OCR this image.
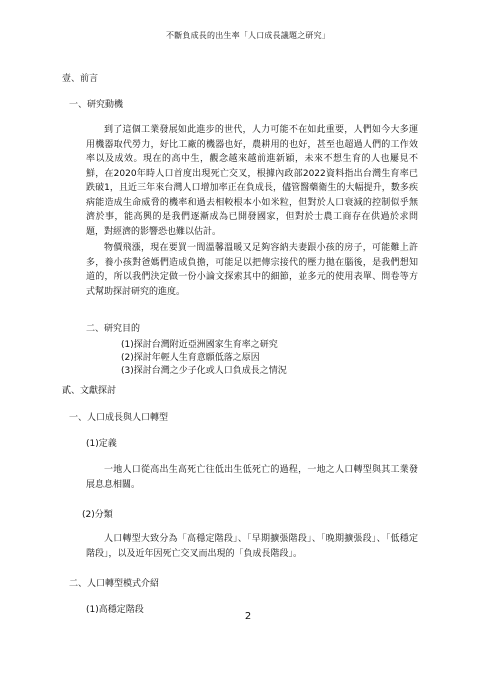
不斷負成長的出生率「人口成長議題之研究」
壹、前言
一、研究動機

到了這個工業發展如此進步的世代，人力可能不在如此重要，人們如今大多運用機器取代勞力，好比工廠的機器也好，農耕用的也好，甚至也超過人們的工作效率以及成效。現在的高中生，觀念越來越前進新穎，未來不想生育的人也屢見不鮮，在2020年時人口首度出現死亡交叉，根據內政部2022資料指出台灣生育率已跌破1，且近三年來台灣人口增加率正在負成長，儘管醫藥衛生的大幅提升，數多疾病能造成生命威脅的機率和過去相較根本小如米粒，但對於人口衰減的控制似乎無濟於事，能高興的是我們逐漸成為已開發國家，但對於士農工商存在供過於求問題，對經濟的影響恐也難以估計。

物價飛漲，現在要買一間溫馨溫暖又足夠容納夫妻跟小孩的房子，可能難上許多，養小孩對爸媽們造成負擔，可能足以把傳宗接代的壓力拋在腦後，是我們想知道的，所以我們決定做一份小論文探索其中的細節，並多元的使用表單、問卷等方式幫助探討研究的進度。

二、研究目的
(1)探討台灣附近亞洲國家生育率之研究
(2)探討年輕人生育意願低落之原因
(3)探討台灣之少子化或人口負成長之情況
貳、文獻探討
一、人口成長與人口轉型
(1)定義

一地人口從高出生高死亡往低出生低死亡的過程，一地之人口轉型與其工業發展息息相關。

(2)分類

人口轉型大致分為「高穩定階段」、「早期擴張階段」、「晚期擴張段」、「低穩定階段」，以及近年因死亡交叉而出現的「負成長階段」。

二、人口轉型模式介紹
(1)高穩定階段
2
